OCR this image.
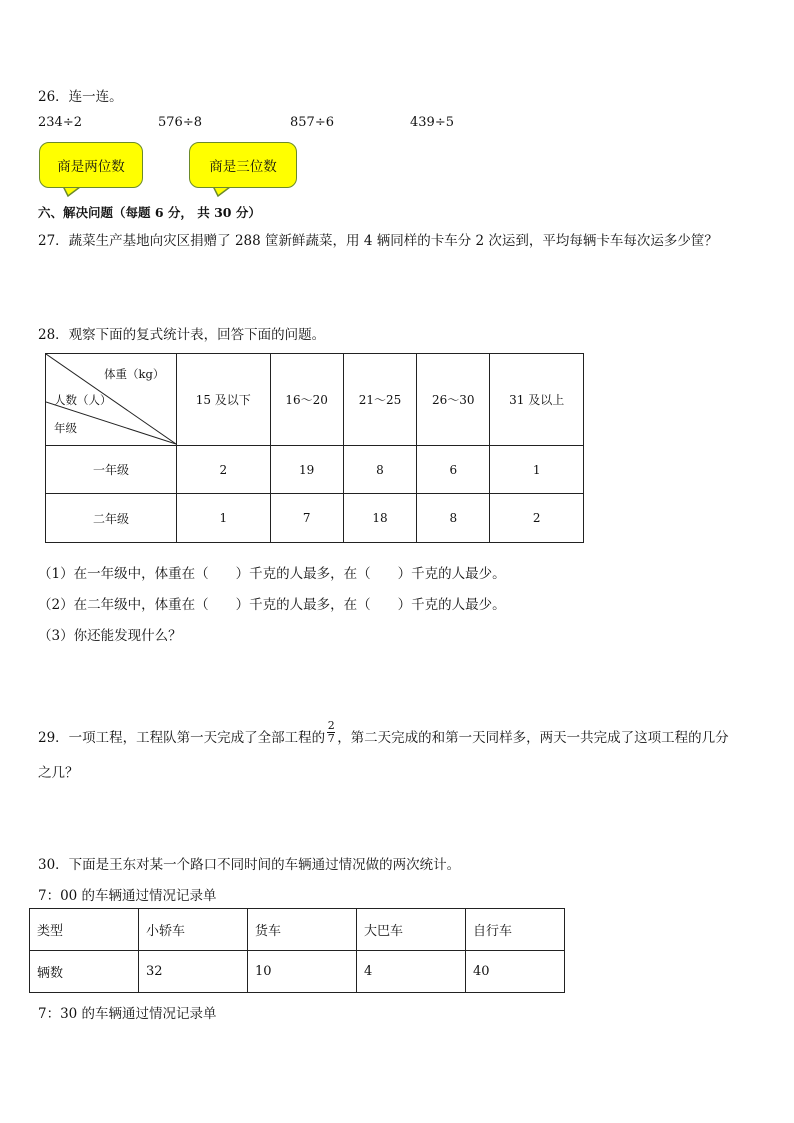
26．连一连。
234÷2	576÷8	857÷6	439÷5
商是两位数	商是三位数
六、解决问题（每题 6 分， 共 30 分）
27．蔬菜生产基地向灾区捐赠了 288 筐新鲜蔬菜，用 4 辆同样的卡车分 2 次运到，平均每辆卡车每次运多少筐？
28．观察下面的复式统计表，回答下面的问题。
体重（kg）
人数（人）
年级	15 及以下	16～20	21～25	26～30	31 及以上
一年级	2	19	8	6	1
二年级	1	7	18	8	2
（1）在一年级中，体重在（　　）千克的人最多，在（　　）千克的人最少。
（2）在二年级中，体重在（　　）千克的人最多，在（　　）千克的人最少。
（3）你还能发现什么？
29．一项工程，工程队第一天完成了全部工程的
2
7 ，第二天完成的和第一天同样多，两天一共完成了这项工程的几分
之几？
30．下面是王东对某一个路口不同时间的车辆通过情况做的两次统计。
7：00 的车辆通过情况记录单
类型	小轿车	货车	大巴车	自行车
辆数	32	10	4	40
7：30 的车辆通过情况记录单
